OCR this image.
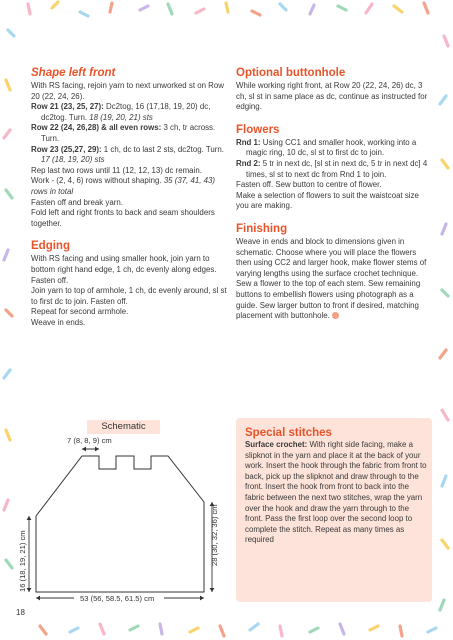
Shape left front

With RS facing, rejoin yarn to next unworked st on Row 20 (22, 24, 26).

Row 21 (23, 25, 27): Dc2tog, 16 (17,18, 19, 20) dc, dc2tog. Turn. 18 (19, 20, 21) sts

Row 22 (24, 26,28) & all even rows: 3 ch, tr across. Turn.

Row 23 (25,27, 29): 1 ch, dc to last 2 sts, dc2tog. Turn. 17 (18, 19, 20) sts

Rep last two rows until 11 (12, 12, 13) dc remain.

Work - (2, 4, 6) rows without shaping. 35 (37, 41, 43) rows in total

Fasten off and break yarn.

Fold left and right fronts to back and seam shoulders together.

Edging

With RS facing and using smaller hook, join yarn to bottom right hand edge, 1 ch, dc evenly along edges. Fasten off.

Join yarn to top of armhole, 1 ch, dc evenly around, sl st to first dc to join. Fasten off.

Repeat for second armhole.

Weave in ends.

Optional buttonhole

While working right front, at Row 20 (22, 24, 26) dc, 3 ch, sl st in same place as dc, continue as instructed for edging.

Flowers

Rnd 1: Using CC1 and smaller hook, working into a magic ring, 10 dc, sl st to first dc to join.

Rnd 2: 5 tr in next dc, [sl st in next dc, 5 tr in next dc] 4 times, sl st to next dc from Rnd 1 to join.

Fasten off. Sew button to centre of flower.

Make a selection of flowers to suit the waistcoat size you are making.

Finishing

Weave in ends and block to dimensions given in schematic. Choose where you will place the flowers then using CC2 and larger hook, make flower stems of varying lengths using the surface crochet technique. Sew a flower to the top of each stem. Sew remaining buttons to embellish flowers using photograph as a guide. Sew larger button to front if desired, matching placement with buttonhole.

Special stitches
Surface crochet: With right side facing, make a slipknot in the yarn and place it at the back of your work. Insert the hook through the fabric from front to back, pick up the slipknot and draw through to the front. Insert the hook from front to back into the fabric between the next two stitches, wrap the yarn over the hook and draw the yarn through to the front. Pass the first loop over the second loop to complete the stitch. Repeat as many times as required
Schematic
7 (8, 8, 9) cm
16 (18, 19, 21) cm	28 (30, 32, 36) cm
53 (56, 58.5, 61.5) cm
18
